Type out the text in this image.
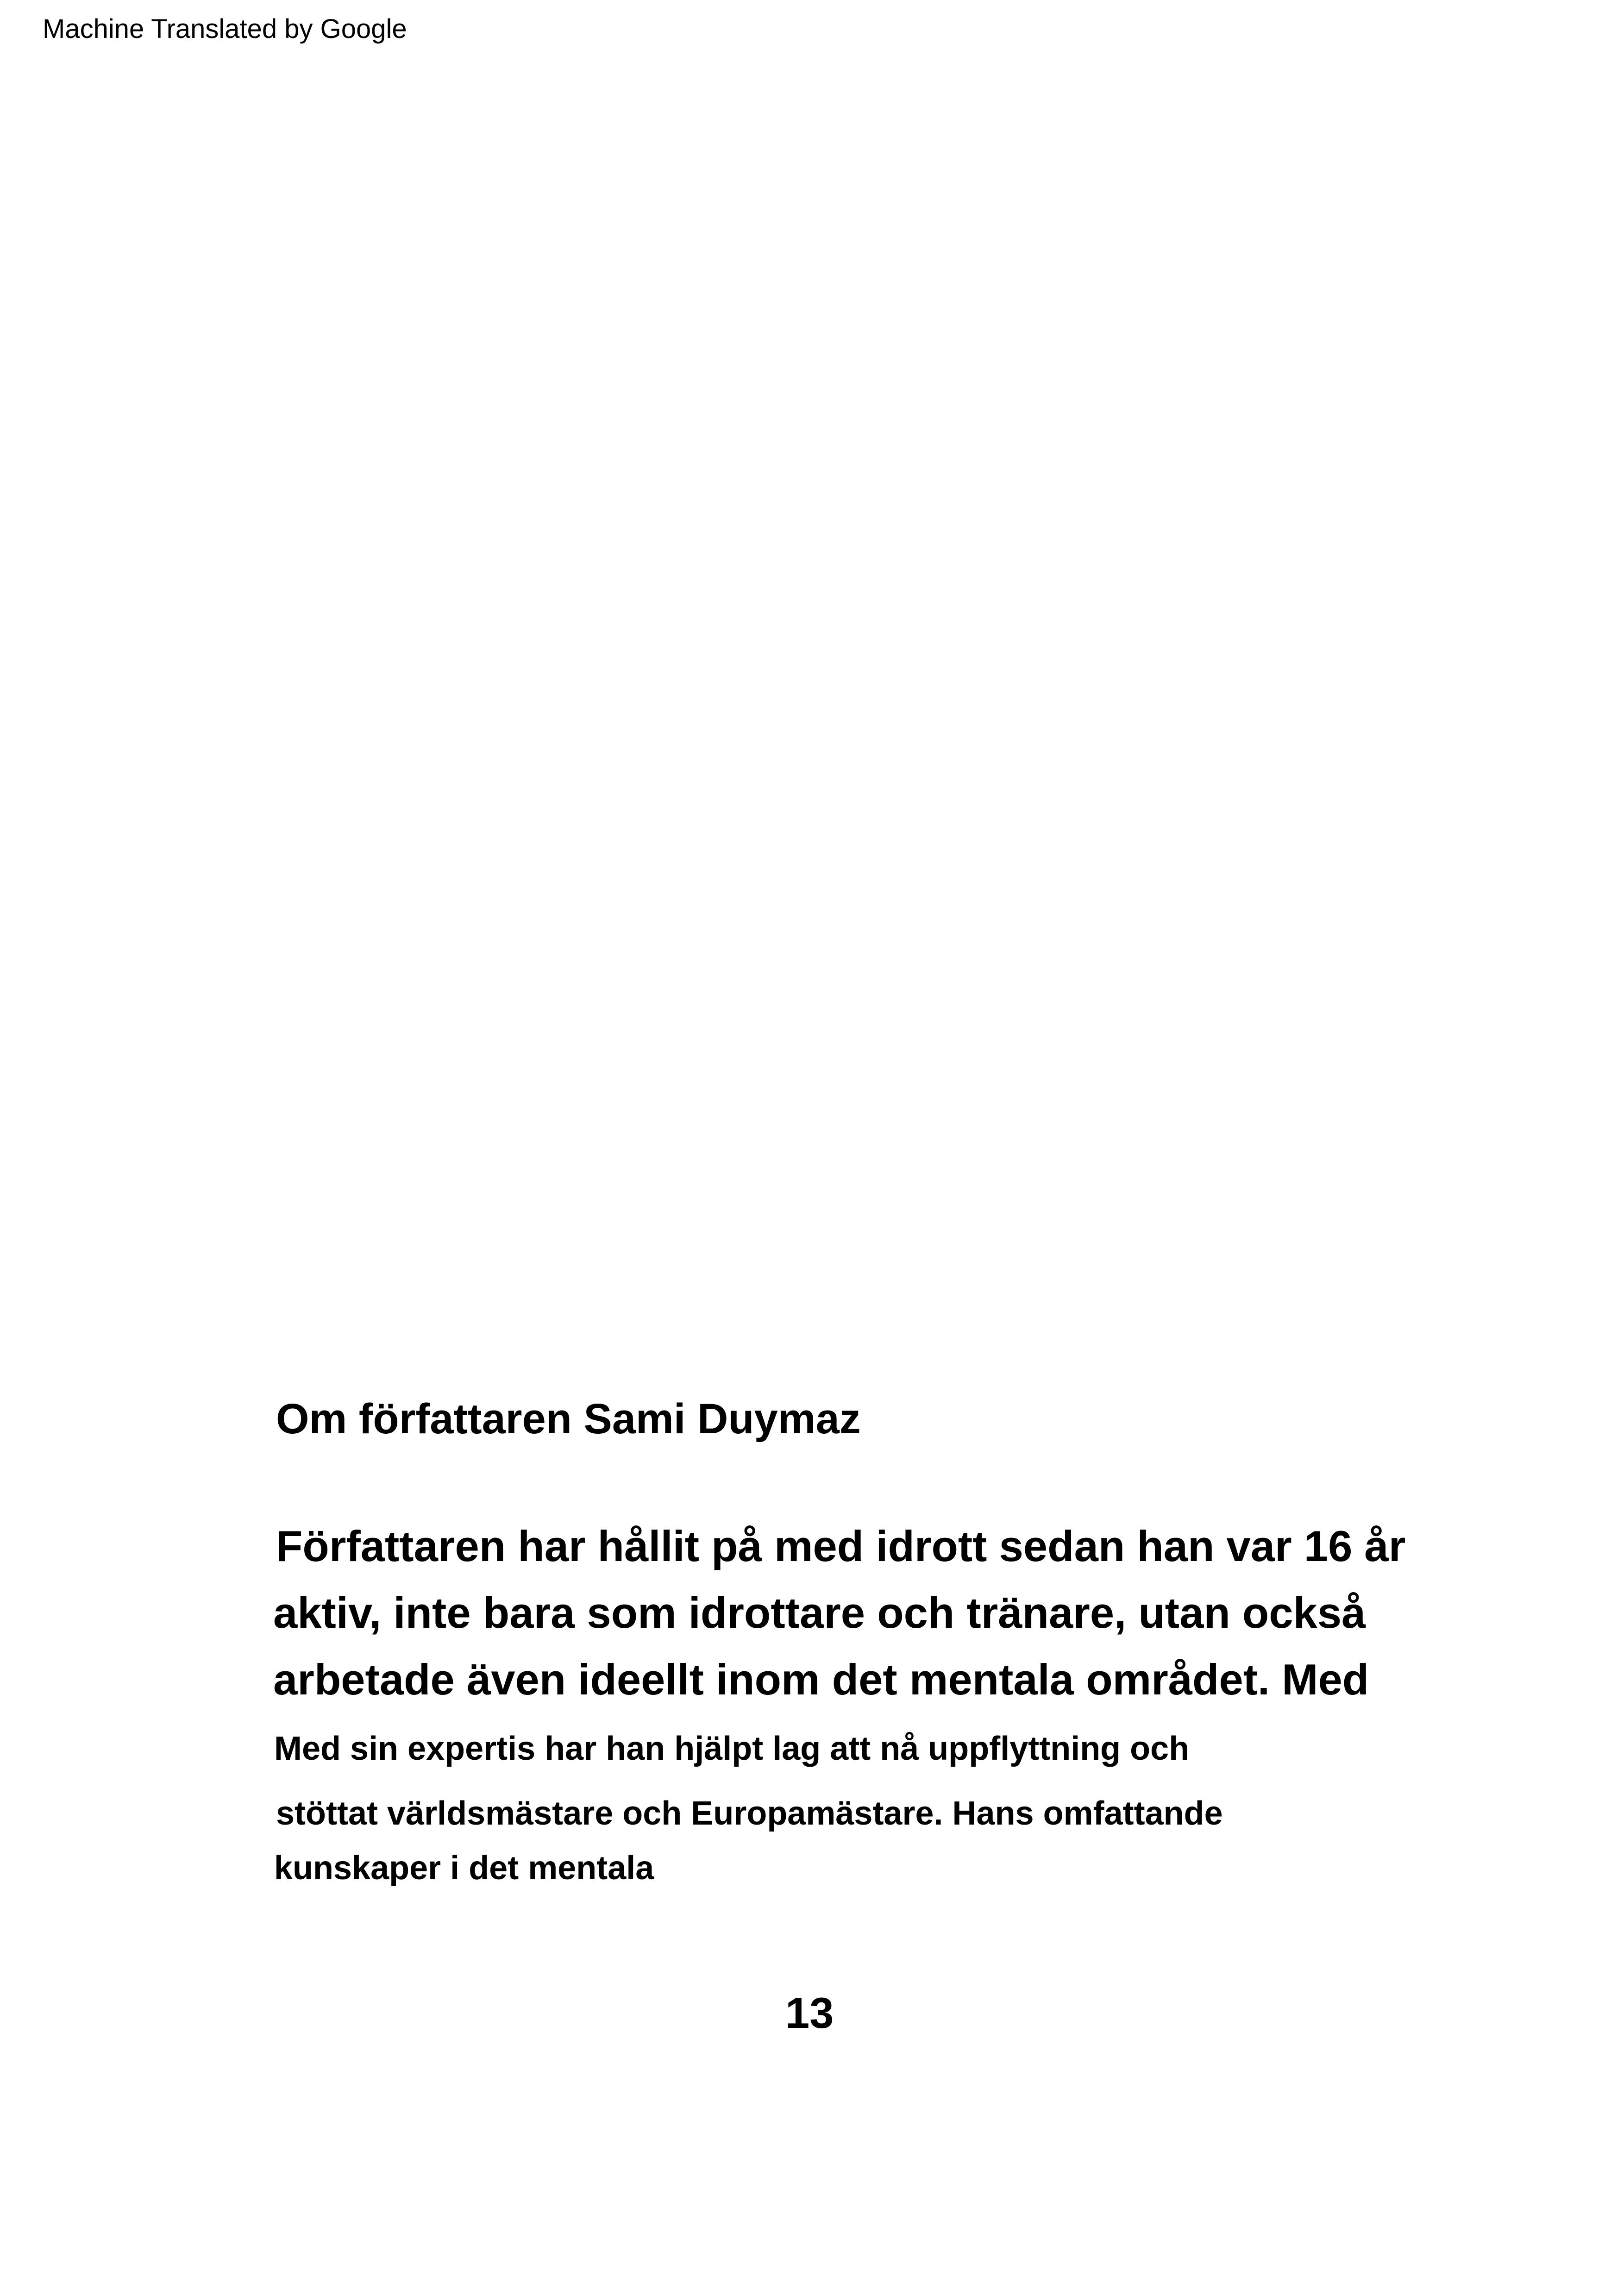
Machine Translated by Google
Om författaren Sami Duymaz
Författaren har hållit på med idrott sedan han var 16 år
aktiv, inte bara som idrottare och tränare, utan också
arbetade även ideellt inom det mentala området. Med
Med sin expertis har han hjälpt lag att nå uppflyttning och
stöttat världsmästare och Europamästare. Hans omfattande
kunskaper i det mentala
13
